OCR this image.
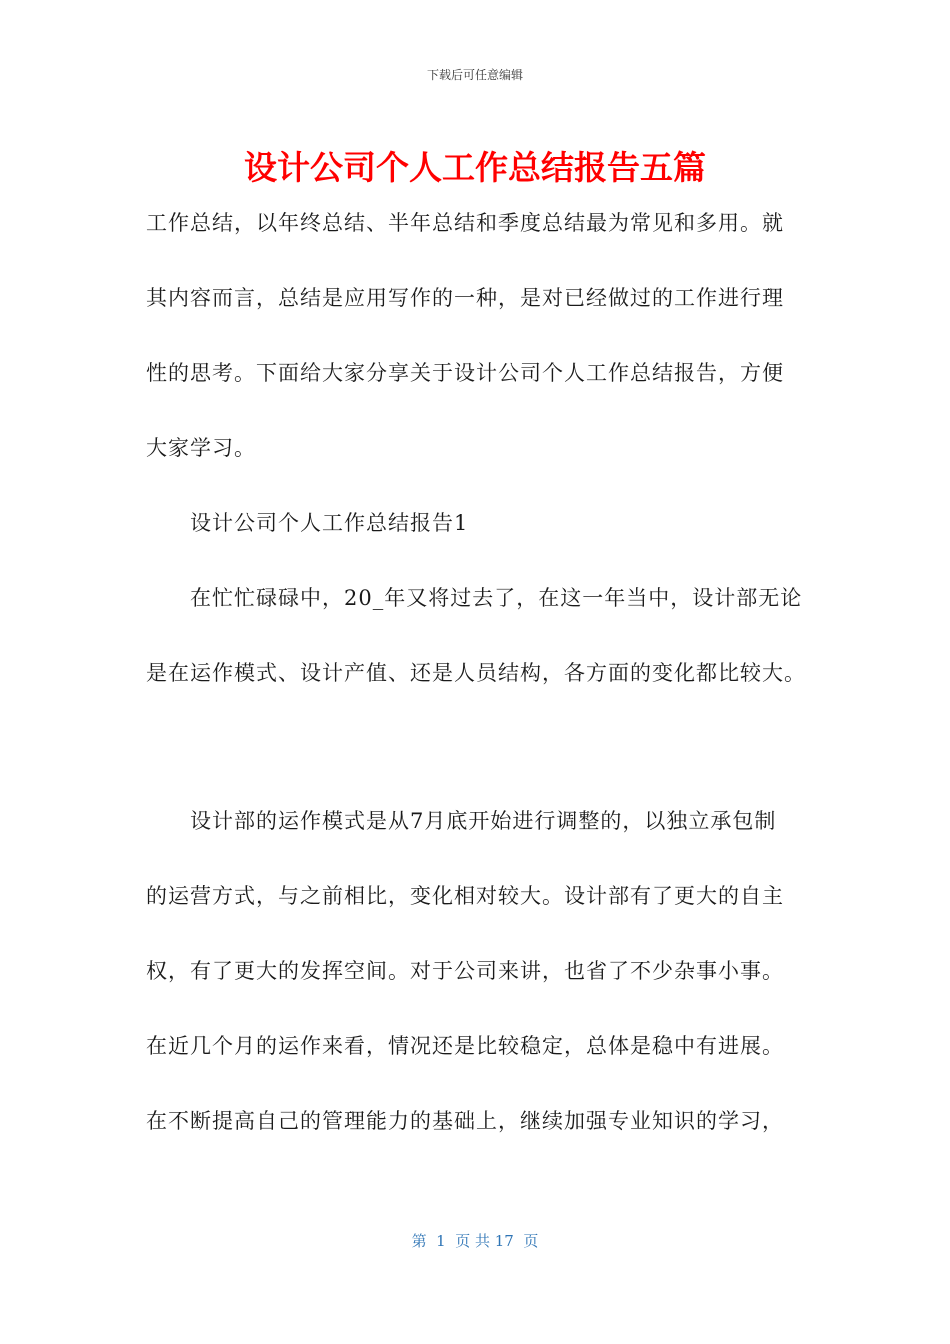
下载后可任意编辑
设计公司个人工作总结报告五篇
工作总结，以年终总结、半年总结和季度总结最为常见和多用。就
其内容而言，总结是应用写作的一种，是对已经做过的工作进行理
性的思考。下面给大家分享关于设计公司个人工作总结报告，方便
大家学习。
设计公司个人工作总结报告1
在忙忙碌碌中，20_年又将过去了，在这一年当中，设计部无论
是在运作模式、设计产值、还是人员结构，各方面的变化都比较大。
设计部的运作模式是从7月底开始进行调整的，以独立承包制
的运营方式，与之前相比，变化相对较大。设计部有了更大的自主
权，有了更大的发挥空间。对于公司来讲，也省了不少杂事小事。
在近几个月的运作来看，情况还是比较稳定，总体是稳中有进展。
在不断提高自己的管理能力的基础上，继续加强专业知识的学习，
第  1  页 共 17  页
